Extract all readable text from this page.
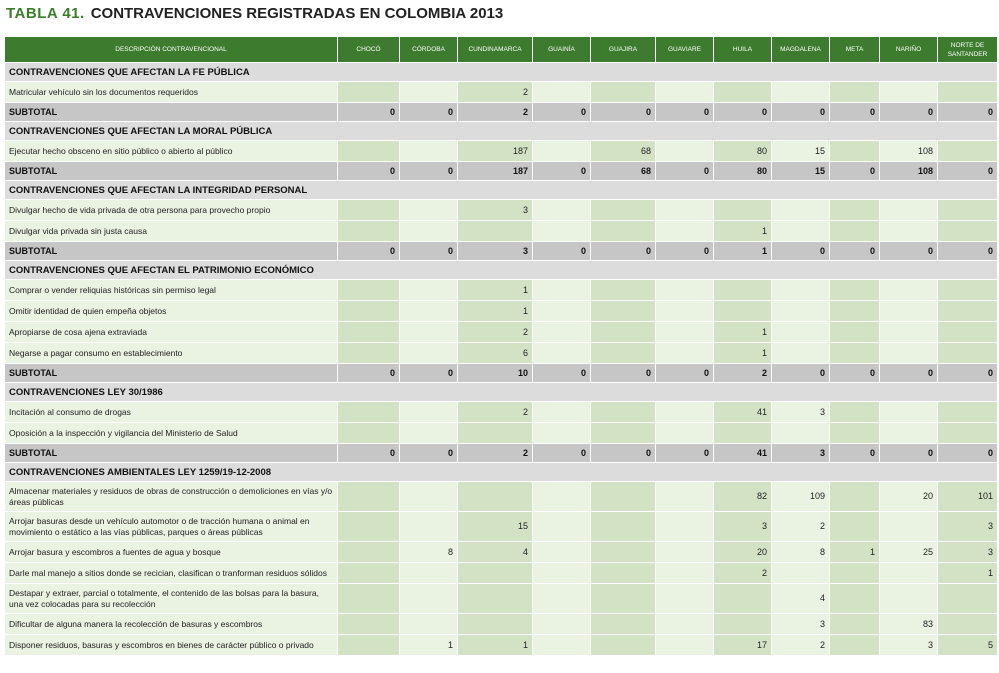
TABLA 41. CONTRAVENCIONES REGISTRADAS EN COLOMBIA 2013
DESCRIPCIÓN CONTRAVENCIONAL	CHOCÓ	CÓRDOBA	CUNDINAMARCA	GUAINÍA	GUAJIRA	GUAVIARE	HUILA	MAGDALENA	META	NARIÑO	NORTE DE SANTANDER
CONTRAVENCIONES QUE AFECTAN LA FE PÚBLICA											
Matricular vehículo sin los documentos requeridos			2								
SUBTOTAL	0	0	2	0	0	0	0	0	0	0	0
CONTRAVENCIONES QUE AFECTAN LA MORAL PÚBLICA											
Ejecutar hecho obsceno en sitio público o abierto al público			187		68		80	15		108	
SUBTOTAL	0	0	187	0	68	0	80	15	0	108	0
CONTRAVENCIONES QUE AFECTAN LA INTEGRIDAD PERSONAL											
Divulgar hecho de vida privada de otra persona para provecho propio			3								
Divulgar vida privada sin justa causa							1				
SUBTOTAL	0	0	3	0	0	0	1	0	0	0	0
CONTRAVENCIONES QUE AFECTAN EL PATRIMONIO ECONÓMICO											
Comprar o vender reliquias históricas sin permiso legal			1								
Omitir identidad de quien empeña objetos			1								
Apropiarse de cosa ajena extraviada			2				1				
Negarse a pagar consumo en establecimiento			6				1				
SUBTOTAL	0	0	10	0	0	0	2	0	0	0	0
CONTRAVENCIONES LEY 30/1986											
Incitación al consumo de drogas			2				41	3			
Oposición a la inspección y vigilancia del Ministerio de Salud											
SUBTOTAL	0	0	2	0	0	0	41	3	0	0	0
CONTRAVENCIONES AMBIENTALES LEY 1259/19-12-2008											
Almacenar materiales y residuos de obras de construcción o demoliciones en vías y/o áreas públicas							82	109		20	101
Arrojar basuras desde un vehículo automotor o de tracción humana o animal en movimiento o estático a las vías públicas, parques o áreas públicas			15				3	2			3
Arrojar basura y escombros a fuentes de agua y bosque		8	4				20	8	1	25	3
Darle mal manejo a sitios donde se recician, clasifican o tranforman residuos sólidos							2				1
Destapar y extraer, parcial o totalmente, el contenido de las bolsas para la basura, una vez colocadas para su recolección								4			
Dificultar de alguna manera la recolección de basuras y escombros								3		83	
Disponer residuos, basuras y escombros en bienes de carácter público o privado		1	1				17	2		3	5
